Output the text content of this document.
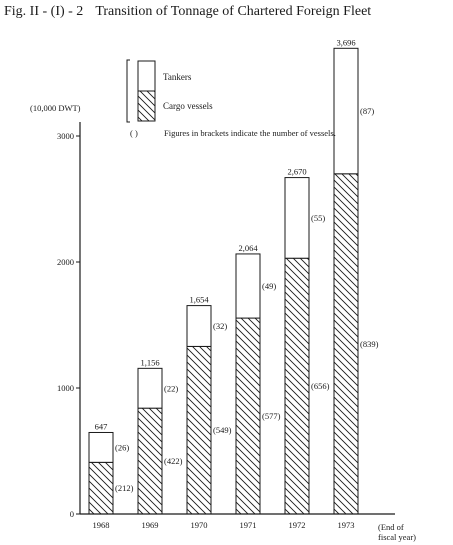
Fig. II - (I) - 2 Transition of Tonnage of Chartered Foreign Fleet
(10,000 DWT)
0
1000
2000
3000
647
(26)
(212)
1968
1,156
(22)
(422)
1969
1,654
(32)
(549)
1970
2,064
(49)
(577)
1971
2,670
(55)
(656)
1972
3,696
(87)
(839)
1973	(End of fiscal year)
Tankers
Cargo vessels
( )	Figures in brackets indicate the number of vessels.
